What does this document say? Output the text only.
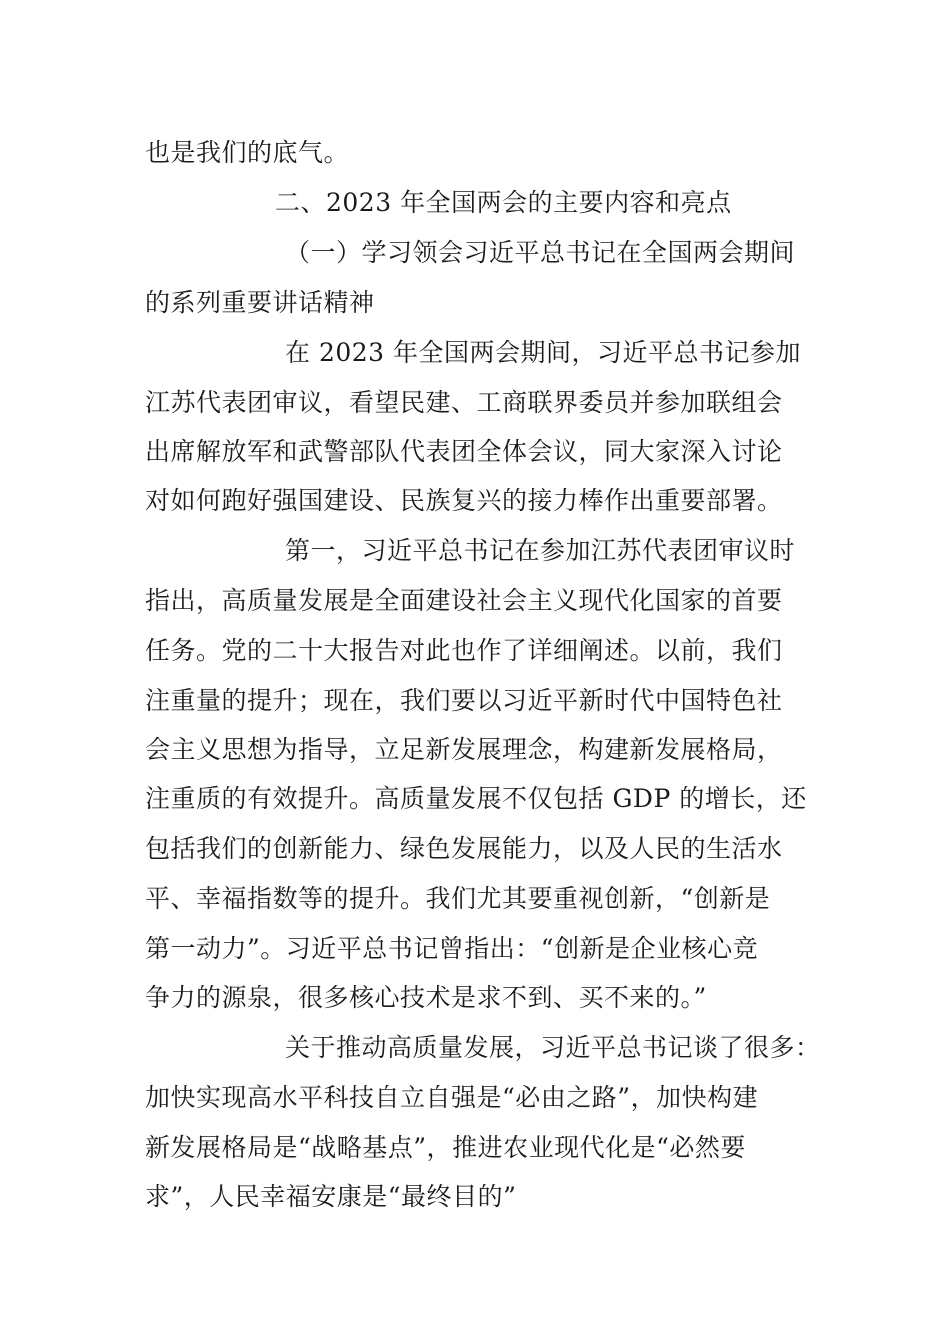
也是我们的底气。
二、2023 年全国两会的主要内容和亮点
（一）学习领会习近平总书记在全国两会期间
的系列重要讲话精神
在 2023 年全国两会期间，习近平总书记参加
江苏代表团审议，看望民建、工商联界委员并参加联组会
出席解放军和武警部队代表团全体会议，同大家深入讨论
对如何跑好强国建设、民族复兴的接力棒作出重要部署。
第一，习近平总书记在参加江苏代表团审议时
指出，高质量发展是全面建设社会主义现代化国家的首要
任务。党的二十大报告对此也作了详细阐述。以前，我们
注重量的提升；现在，我们要以习近平新时代中国特色社
会主义思想为指导，立足新发展理念，构建新发展格局，
注重质的有效提升。高质量发展不仅包括 GDP 的增长，还
包括我们的创新能力、绿色发展能力，以及人民的生活水
平、幸福指数等的提升。我们尤其要重视创新，“创新是
第一动力”。习近平总书记曾指出：“创新是企业核心竞
争力的源泉，很多核心技术是求不到、买不来的。”
关于推动高质量发展，习近平总书记谈了很多：
加快实现高水平科技自立自强是“必由之路”，加快构建
新发展格局是“战略基点”，推进农业现代化是“必然要
求”，人民幸福安康是“最终目的”
